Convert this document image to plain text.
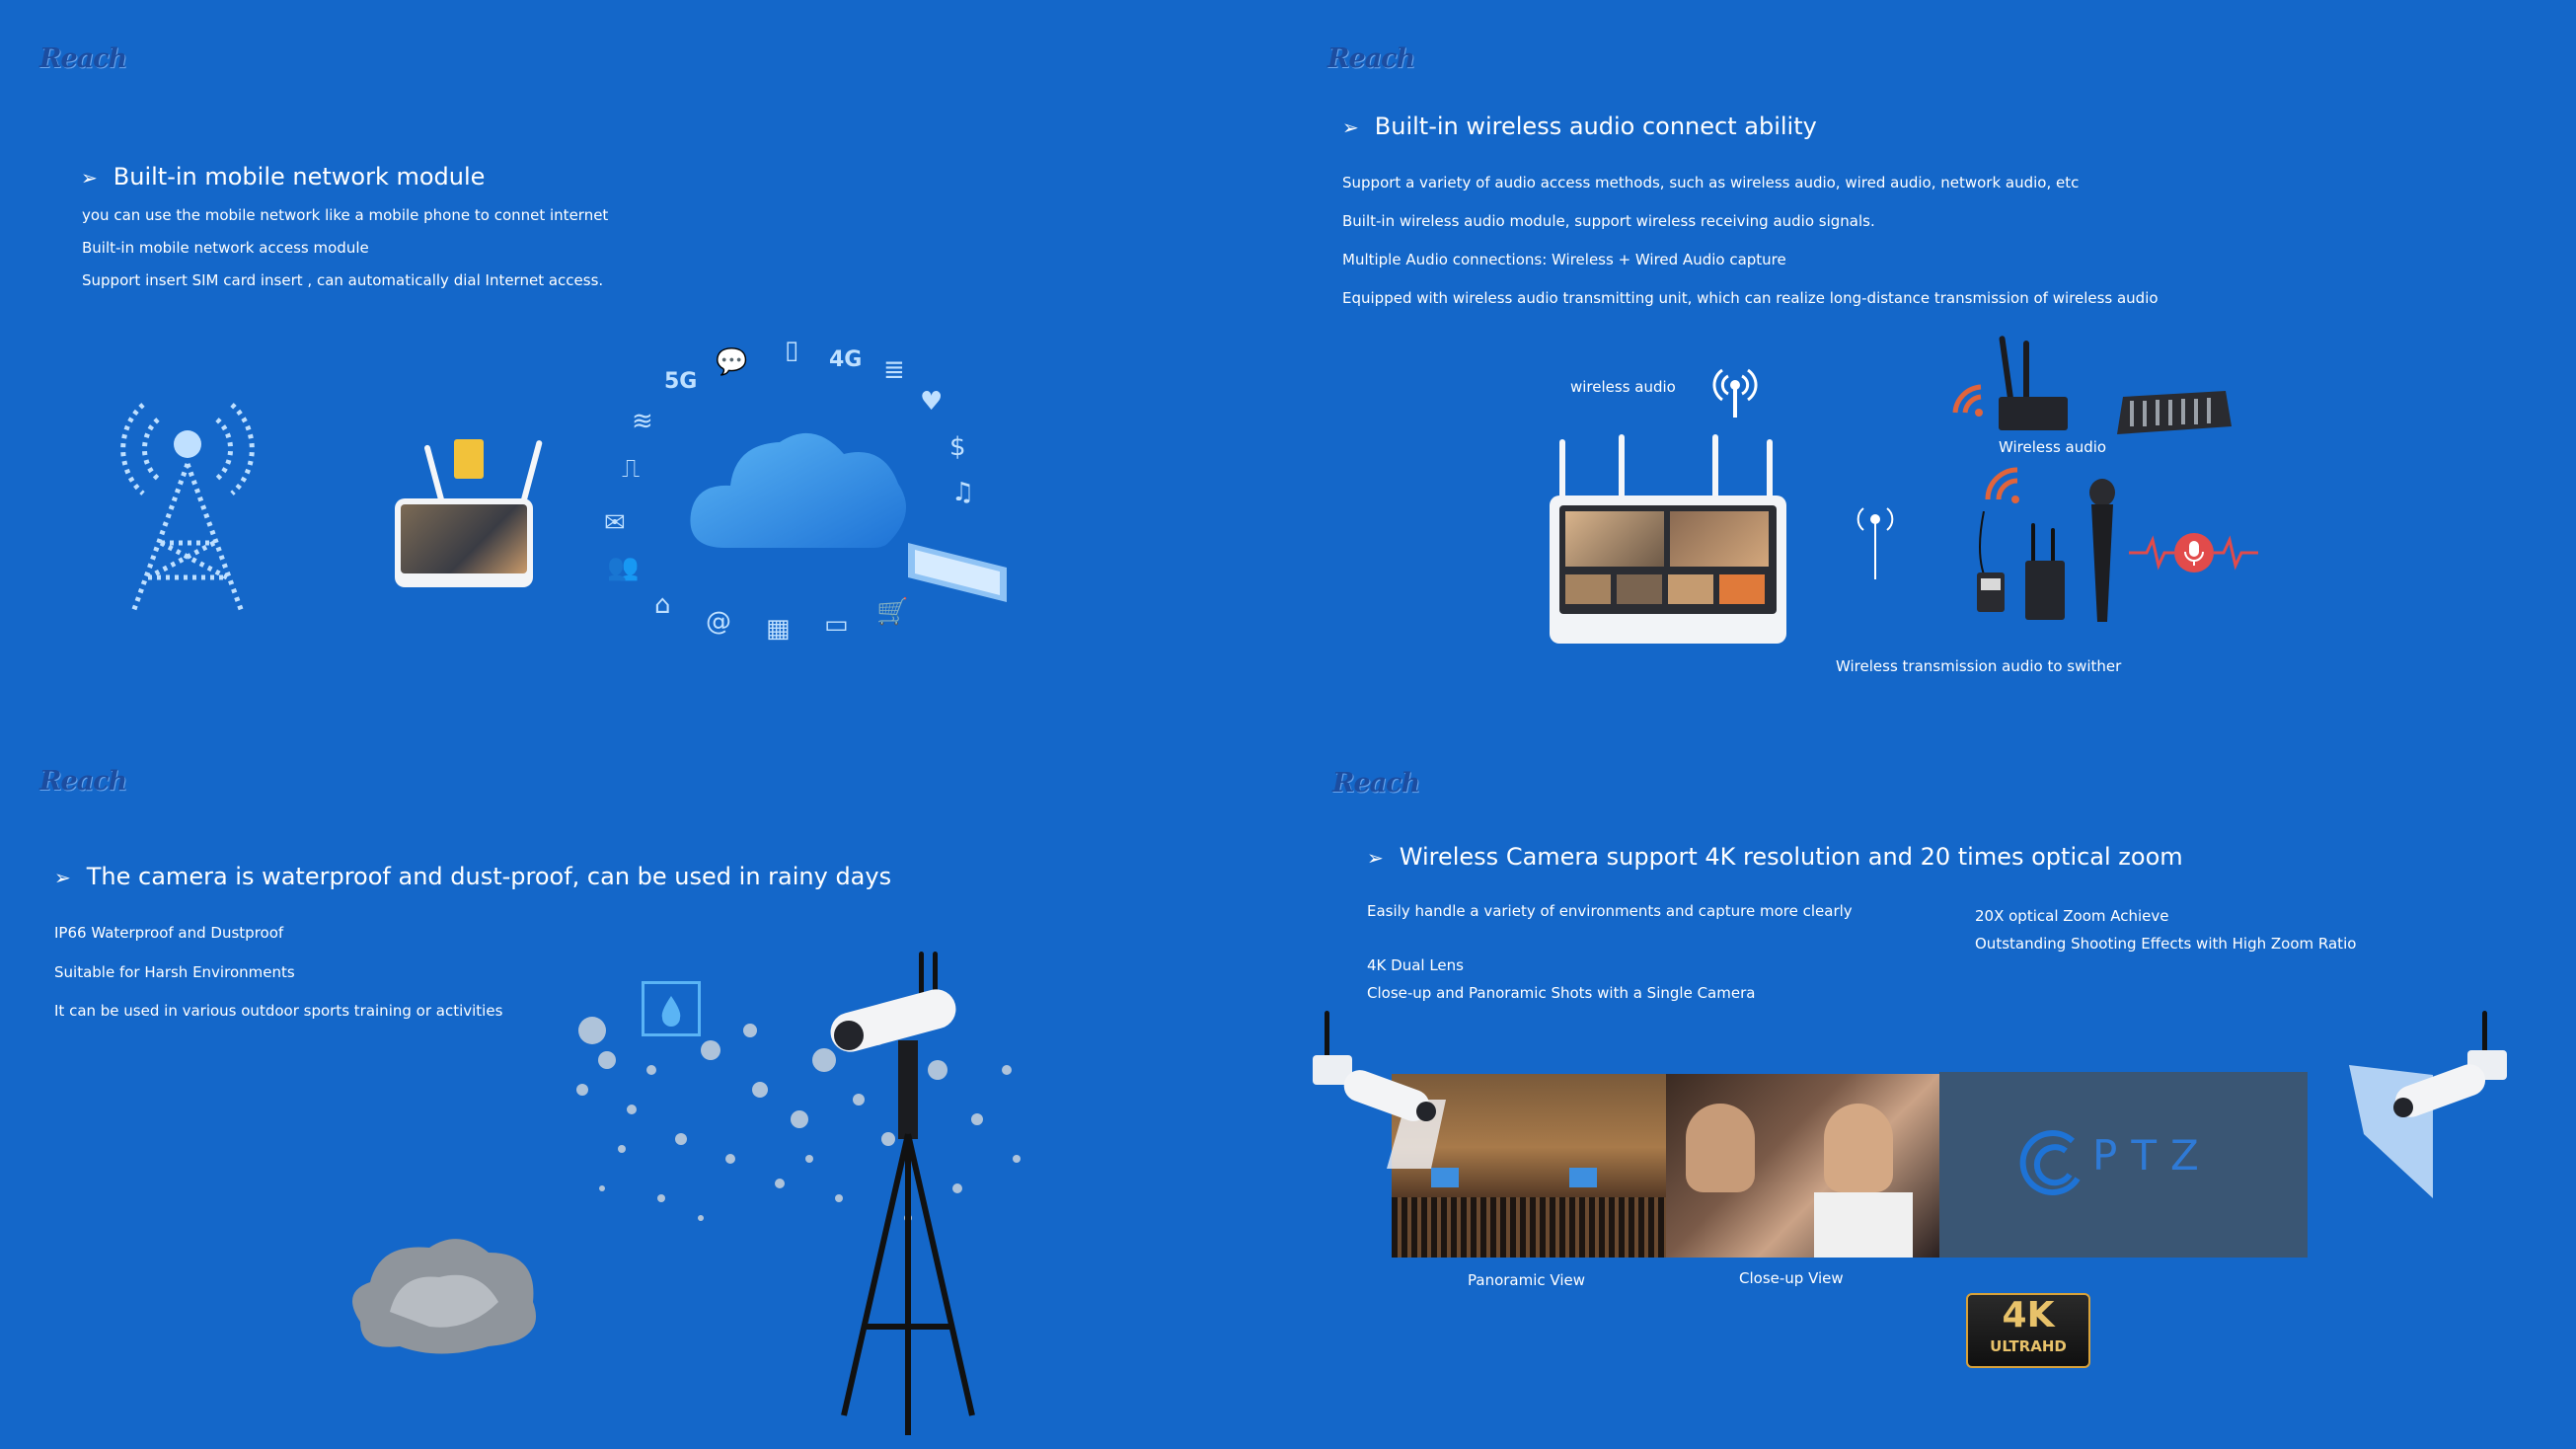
Reach
➢ Built-in mobile network module
you can use the mobile network like a mobile phone to connet internet
Built-in mobile network access module
Support insert SIM card insert , can automatically dial Internet access.
5G
💬 ▯ 4G ≣
♥
$
♫
≋
⎍
✉
👥
⌂
@ ▦ ▭ 🛒
Reach
➢ Built-in wireless audio connect ability
Support a variety of audio access methods, such as wireless audio, wired audio, network audio, etc
Built-in wireless audio module, support wireless receiving audio signals.
Multiple Audio connections: Wireless + Wired Audio capture
Equipped with wireless audio transmitting unit, which can realize long-distance transmission of wireless audio
wireless audio
Wireless audio
Wireless transmission audio to swither
Reach
➢ The camera is waterproof and dust-proof, can be used in rainy days
IP66 Waterproof and Dustproof
Suitable for Harsh Environments
It can be used in various outdoor sports training or activities
Reach
➢ Wireless Camera support 4K resolution and 20 times optical zoom
Easily handle a variety of environments and capture more clearly
4K Dual Lens
Close-up and Panoramic Shots with a Single Camera
20X optical Zoom Achieve
Outstanding Shooting Effects with High Zoom Ratio
PTZ
Panoramic View	Close-up View
4K
ULTRAHD
